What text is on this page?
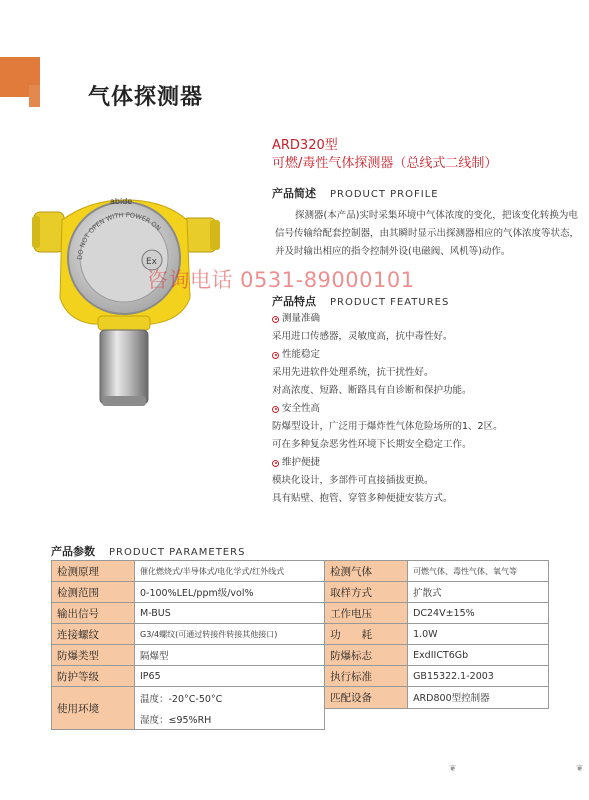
气体探测器
ARD320型
可燃/毒性气体探测器（总线式二线制）
Ex
abide
DO NOT OPEN WITH POWER ON
咨询电话 0531-89000101
产品简述 PRODUCT PROFILE
探测器(本产品)实时采集环境中气体浓度的变化，把该变化转换为电信号传输给配套控制器，由其瞬时显示出探测器相应的气体浓度等状态，并及时输出相应的指令控制外设(电磁阀、风机等)动作。
产品特点 PRODUCT FEATURES
测量准确
采用进口传感器，灵敏度高，抗中毒性好。
性能稳定
采用先进软件处理系统，抗干扰性好。
对高浓度、短路、断路具有自诊断和保护功能。
安全性高
防爆型设计，广泛用于爆炸性气体危险场所的1、2区。
可在多种复杂恶劣性环境下长期安全稳定工作。
维护便捷
模块化设计，多部件可直接插拔更换。
具有贴壁、抱管、穿管多种便捷安装方式。
产品参数 PRODUCT PARAMETERS
检测原理	催化燃烧式/半导体式/电化学式/红外线式	检测气体	可燃气体、毒性气体、氧气等
检测范围	0-100%LEL/ppm级/vol%	取样方式	扩散式
输出信号	M-BUS	工作电压	DC24V±15%
连接螺纹	G3/4螺纹(可通过转接件转接其他接口)	功　　耗	1.0W
防爆类型	隔爆型	防爆标志	ExdIICT6Gb
防护等级	IP65	执行标准	GB15322.1-2003
使用环境	温度：-20°C-50°C	匹配设备	ARD800型控制器
	湿度：≤95%RH		
❦	❦
